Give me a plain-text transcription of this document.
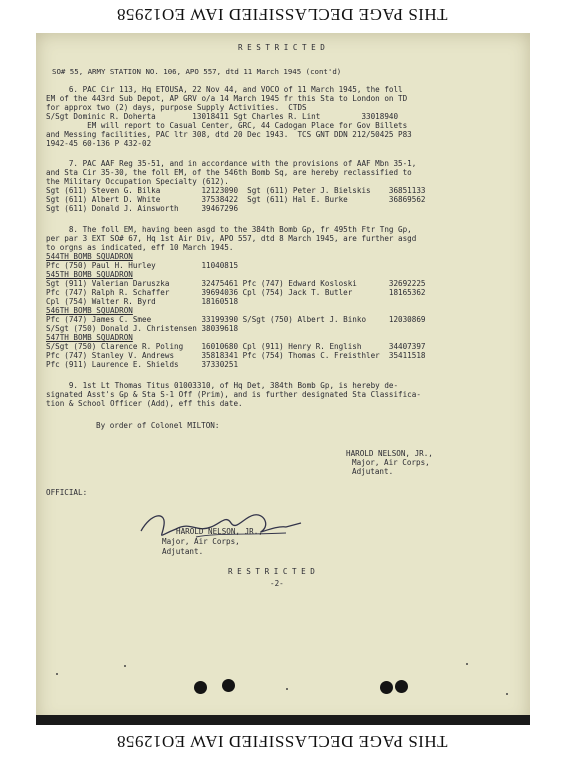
THIS PAGE DECLASSIFIED IAW EO12958
R E S T R I C T E D
SO# 55, ARMY STATION NO. 106, APO 557, dtd 11 March 1945 (cont'd)
6. PAC Cir 113, Hq ETOUSA, 22 Nov 44, and VOCO of 11 March 1945, the foll
EM of the 443rd Sub Depot, AP GRV o/a 14 March 1945 fr this Sta to London on TD
for approx two (2) days, purpose Supply Activities.  CTDS
S/Sgt Dominic R. Doherta        13018411 Sgt Charles R. Lint         33018940
EM will report to Casual Center, GRC, 44 Cadogan Place for Gov Billets
and Messing facilities, PAC ltr 308, dtd 20 Dec 1943.  TCS GNT DDN 212/50425 P83
1942-45 60-136 P 432-02
7. PAC AAF Reg 35-51, and in accordance with the provisions of AAF Mbn 35-1,
and Sta Cir 35-30, the foll EM, of the 546th Bomb Sq, are hereby reclassified to
the Military Occupation Specialty (612).
Sgt (611) Steven G. Bilka         12123090  Sgt (611) Peter J. Bielskis    36851133
Sgt (611) Albert D. White         37538422  Sgt (611) Hal E. Burke         36869562
Sgt (611) Donald J. Ainsworth     39467296
8. The foll EM, having been asgd to the 384th Bomb Gp, fr 495th Ftr Tng Gp,
per par 3 EXT SO# 67, Hq 1st Air Div, APO 557, dtd 8 March 1945, are further asgd
to orgns as indicated, eff 10 March 1945.
544TH BOMB SQUADRON
Pfc (750) Paul H. Hurley          11040815
545TH BOMB SQUADRON
Sgt (911) Valerian Daruszka       32475461 Pfc (747) Edward Kosloski       32692225
Pfc (747) Ralph R. Schaffer       39694036 Cpl (754) Jack T. Butler        18165362
Cpl (754) Walter R. Byrd          18160518
546TH BOMB SQUADRON
Pfc (747) James C. Smee           33199390 S/Sgt (750) Albert J. Binko     12030869
S/Sgt (750) Donald J. Christensen 38039618
547TH BOMB SQUADRON
S/Sgt (750) Clarence R. Poling    16010680 Cpl (911) Henry R. English      34407397
Pfc (747) Stanley V. Andrews      35818341 Pfc (754) Thomas C. Freisthler  35411518
Pfc (911) Laurence E. Shields     37330251
9. 1st Lt Thomas Titus 01003310, of Hq Det, 384th Bomb Gp, is hereby de-
signated Asst's Gp & Sta S-1 Off (Prim), and is further designated Sta Classifica-
tion & School Officer (Add), eff this date.
By order of Colonel MILTON:
HAROLD NELSON, JR.,
Major, Air Corps,
Adjutant.
OFFICIAL:
HAROLD NELSON, JR.,
Major, Air Corps,
Adjutant.
R E S T R I C T E D
-2-
THIS PAGE DECLASSIFIED IAW EO12958
